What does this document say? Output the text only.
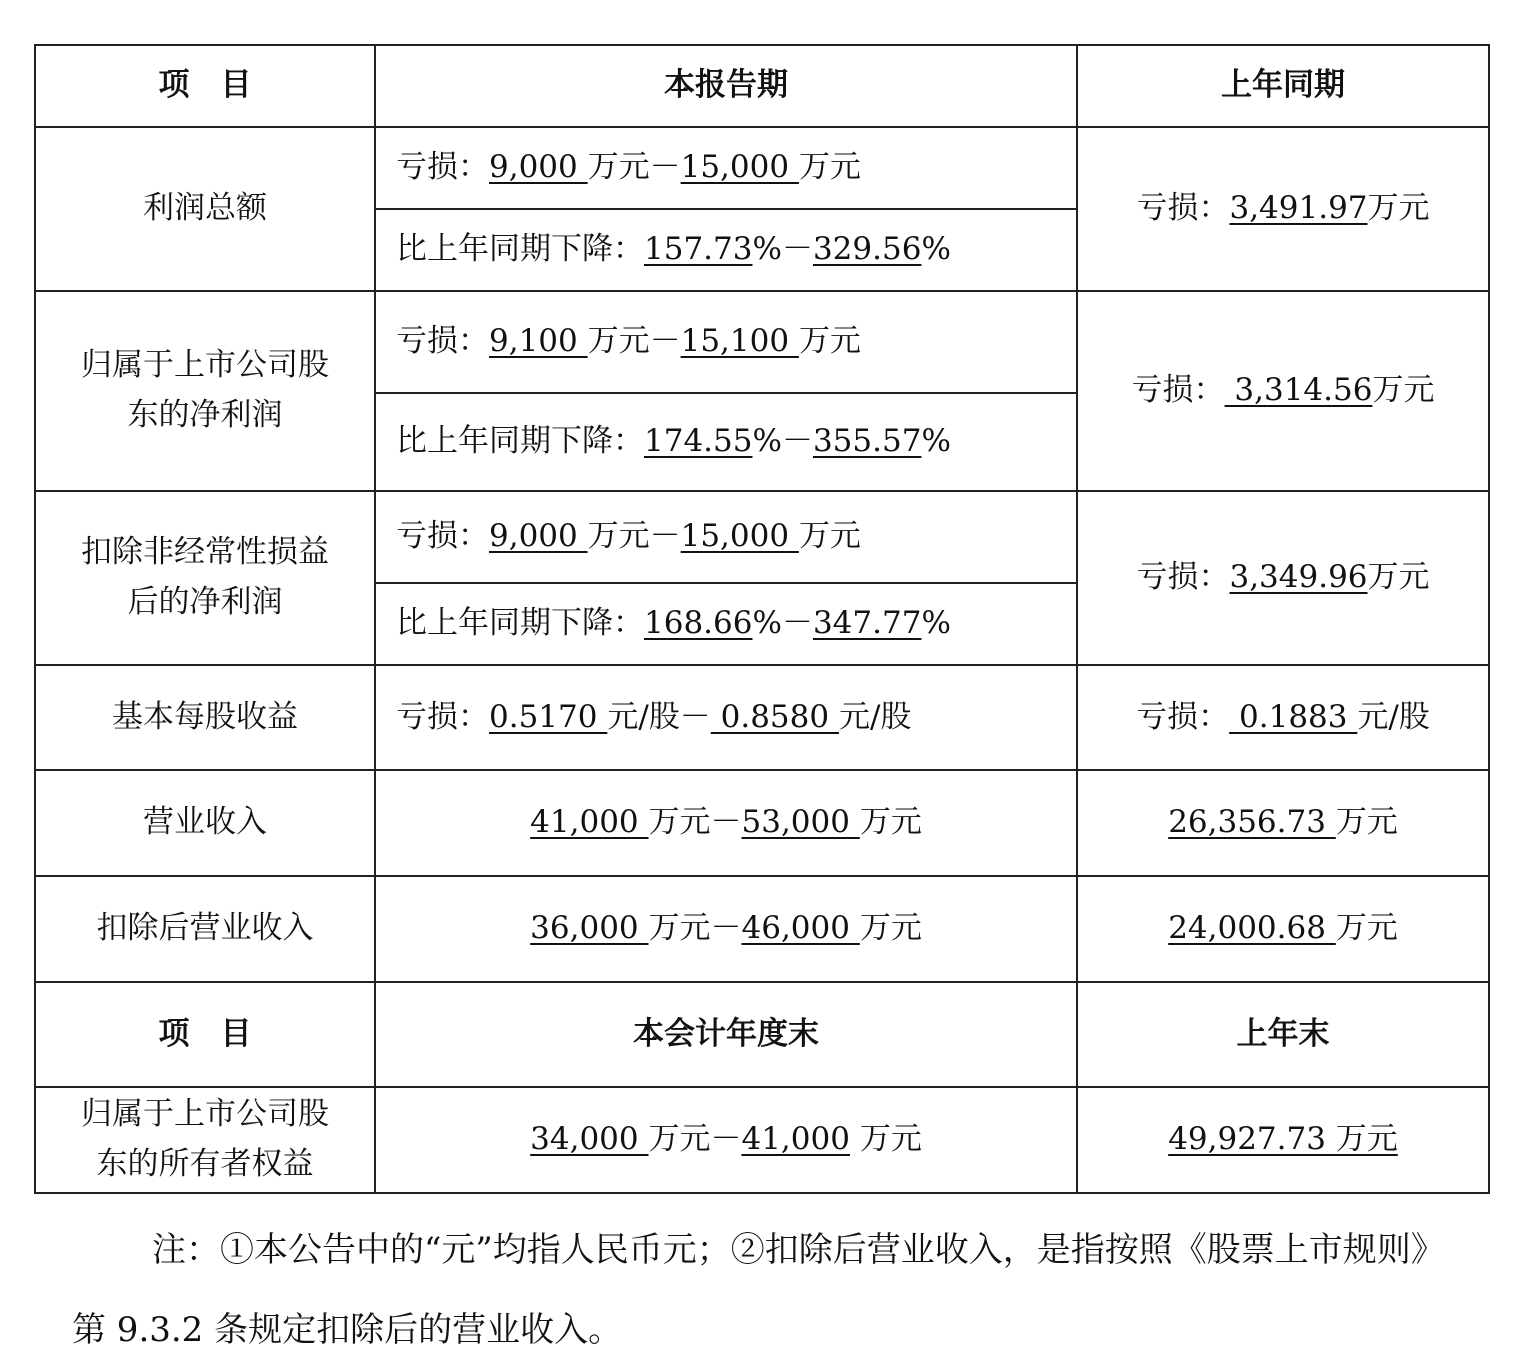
项　目	本报告期	上年同期
利润总额	亏损：9,000 万元－15,000 万元	亏损：3,491.97万元
	比上年同期下降：157.73%－329.56%	

归属于上市公司股
东的净利润	亏损：9,100 万元－15,100 万元	亏损： 3,314.56万元
	比上年同期下降：174.55%－355.57%	

扣除非经常性损益
后的净利润	亏损：9,000 万元－15,000 万元	亏损：3,349.96万元
	比上年同期下降：168.66%－347.77%	
基本每股收益	亏损：0.5170 元/股－ 0.8580 元/股	亏损： 0.1883 元/股
营业收入	41,000 万元－53,000 万元	26,356.73 万元
扣除后营业收入	36,000 万元－46,000 万元	24,000.68 万元
项　目	本会计年度末	上年末

归属于上市公司股
东的所有者权益	34,000 万元－41,000 万元	49,927.73 万元
注：①本公告中的“元”均指人民币元；②扣除后营业收入，是指按照《股票上市规则》第 9.3.2 条规定扣除后的营业收入。
